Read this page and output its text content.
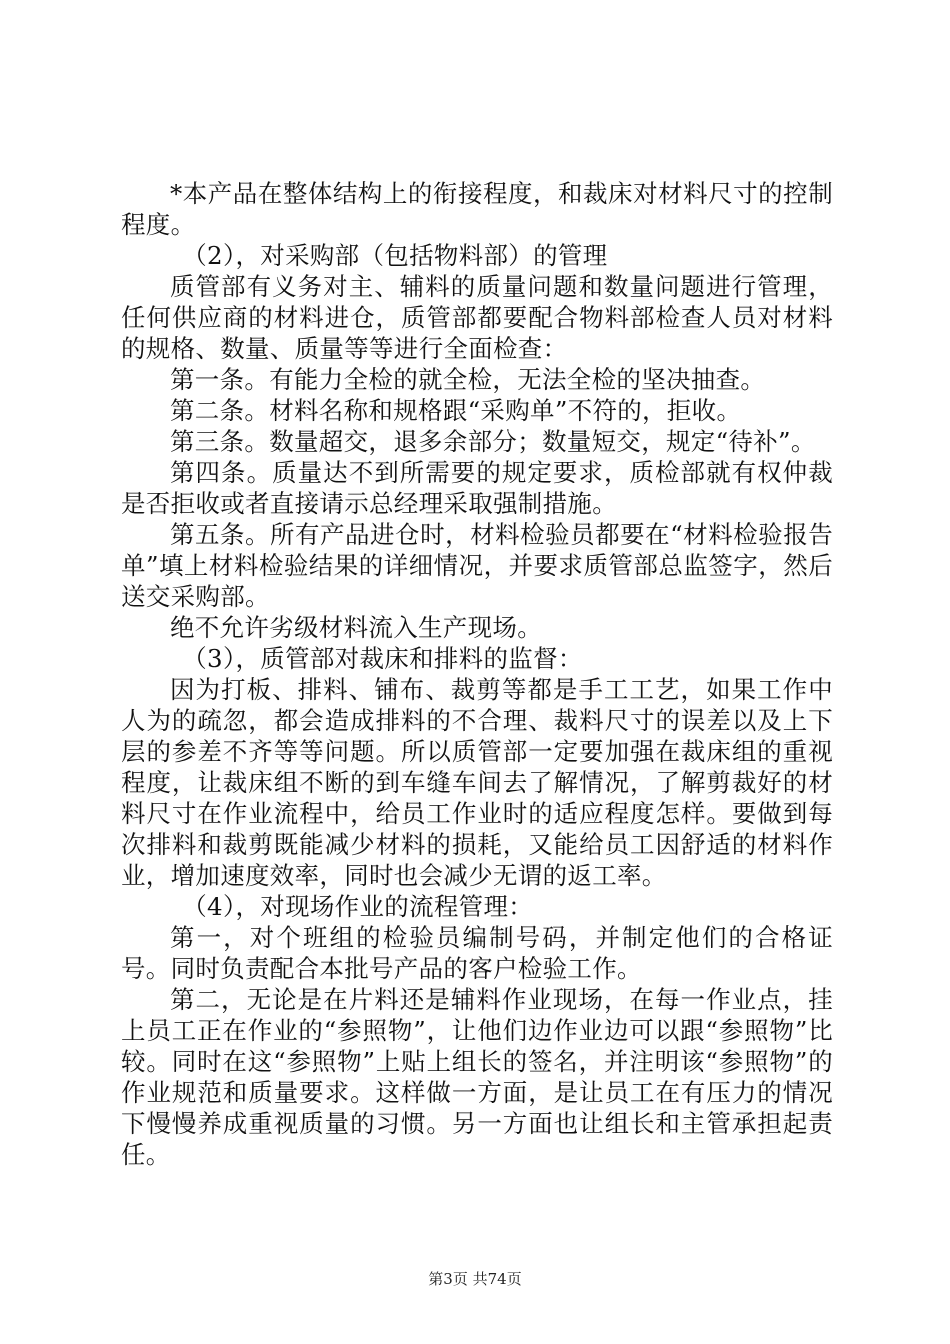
*本产品在整体结构上的衔接程度，和裁床对材料尺寸的控制程度。

（2），对采购部（包括物料部）的管理

质管部有义务对主、辅料的质量问题和数量问题进行管理，任何供应商的材料进仓，质管部都要配合物料部检查人员对材料的规格、数量、质量等等进行全面检查：

第一条。有能力全检的就全检，无法全检的坚决抽查。

第二条。材料名称和规格跟“采购单”不符的，拒收。

第三条。数量超交，退多余部分；数量短交，规定“待补”。

第四条。质量达不到所需要的规定要求，质检部就有权仲裁是否拒收或者直接请示总经理采取强制措施。

第五条。所有产品进仓时，材料检验员都要在“材料检验报告单”填上材料检验结果的详细情况，并要求质管部总监签字，然后送交采购部。

绝不允许劣级材料流入生产现场。

（3），质管部对裁床和排料的监督：

因为打板、排料、铺布、裁剪等都是手工工艺，如果工作中人为的疏忽，都会造成排料的不合理、裁料尺寸的误差以及上下层的参差不齐等等问题。所以质管部一定要加强在裁床组的重视程度，让裁床组不断的到车缝车间去了解情况，了解剪裁好的材料尺寸在作业流程中，给员工作业时的适应程度怎样。要做到每次排料和裁剪既能减少材料的损耗，又能给员工因舒适的材料作业，增加速度效率，同时也会减少无谓的返工率。

（4），对现场作业的流程管理：

第一，对个班组的检验员编制号码，并制定他们的合格证号。同时负责配合本批号产品的客户检验工作。

第二，无论是在片料还是辅料作业现场，在每一作业点，挂上员工正在作业的“参照物”，让他们边作业边可以跟“参照物”比较。同时在这“参照物”上贴上组长的签名，并注明该“参照物”的作业规范和质量要求。这样做一方面，是让员工在有压力的情况下慢慢养成重视质量的习惯。另一方面也让组长和主管承担起责任。

第3页 共74页
